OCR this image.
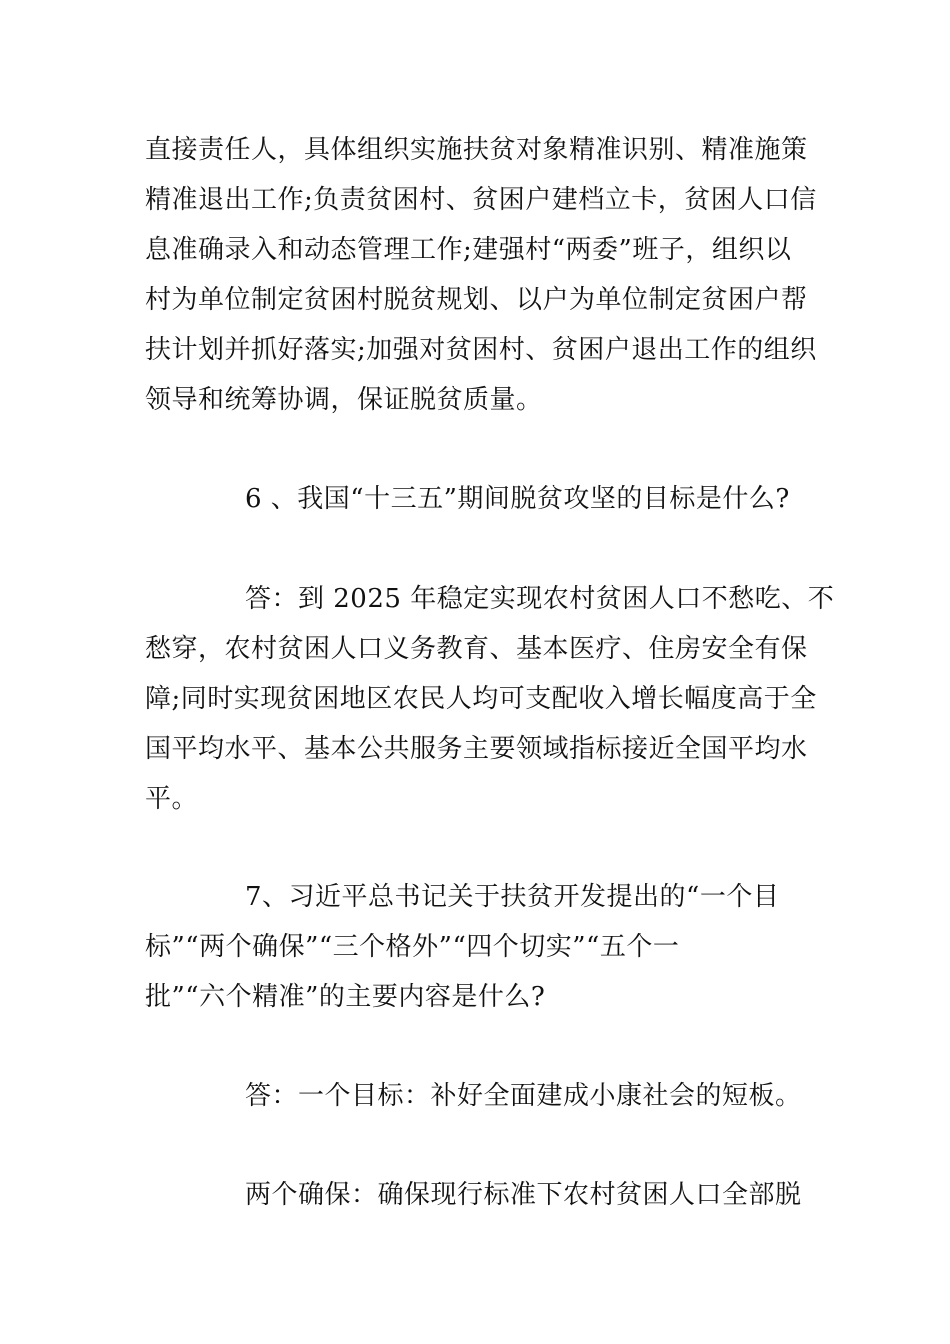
直接责任人，具体组织实施扶贫对象精准识别、精准施策
精准退出工作;负责贫困村、贫困户建档立卡，贫困人口信
息准确录入和动态管理工作;建强村“两委”班子，组织以
村为单位制定贫困村脱贫规划、以户为单位制定贫困户帮
扶计划并抓好落实;加强对贫困村、贫困户退出工作的组织
领导和统筹协调，保证脱贫质量。
6 、我国“十三五”期间脱贫攻坚的目标是什么?
答：到 2025 年稳定实现农村贫困人口不愁吃、不
愁穿，农村贫困人口义务教育、基本医疗、住房安全有保
障;同时实现贫困地区农民人均可支配收入增长幅度高于全
国平均水平、基本公共服务主要领域指标接近全国平均水
平。
7、习近平总书记关于扶贫开发提出的“一个目
标”“两个确保”“三个格外”“四个切实”“五个一
批”“六个精准”的主要内容是什么?
答：一个目标：补好全面建成小康社会的短板。
两个确保：确保现行标准下农村贫困人口全部脱
